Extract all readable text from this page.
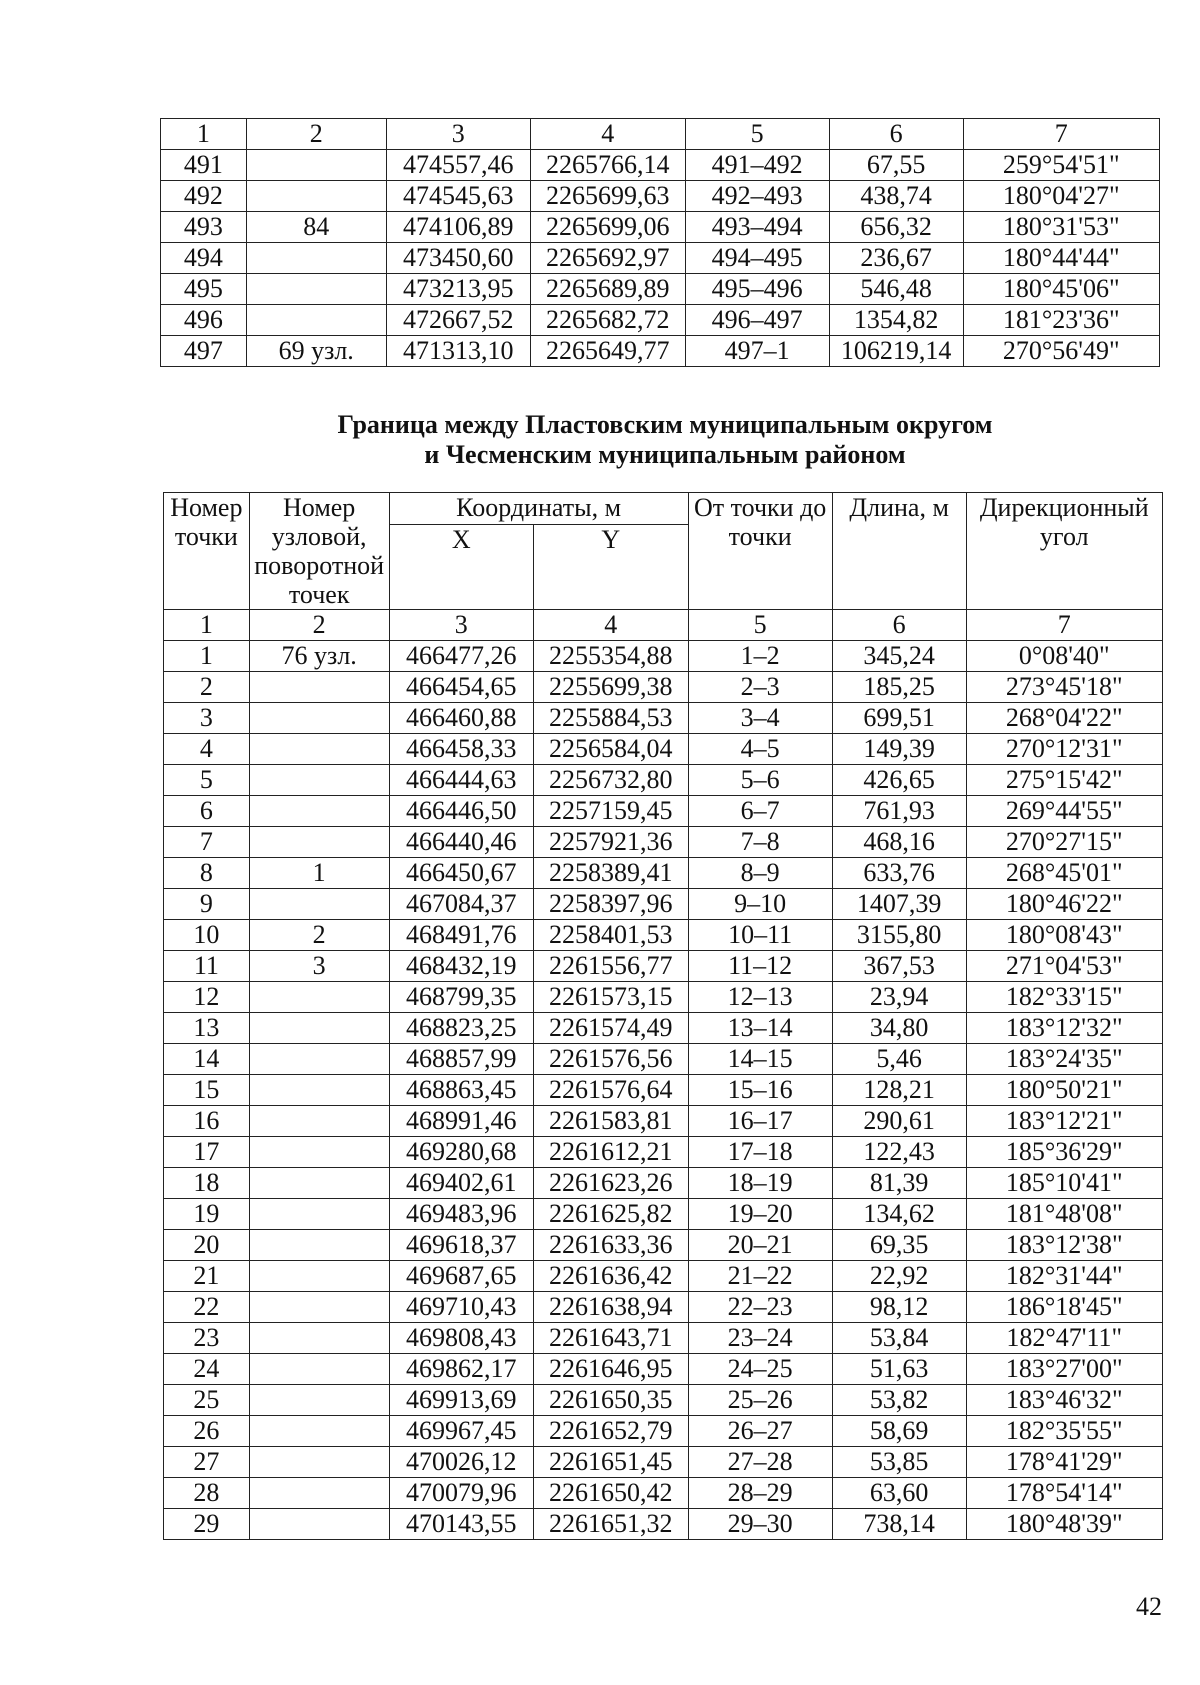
1	2	3	4	5	6	7
491		474557,46	2265766,14	491–492	67,55	259°54'51"
492		474545,63	2265699,63	492–493	438,74	180°04'27"
493	84	474106,89	2265699,06	493–494	656,32	180°31'53"
494		473450,60	2265692,97	494–495	236,67	180°44'44"
495		473213,95	2265689,89	495–496	546,48	180°45'06"
496		472667,52	2265682,72	496–497	1354,82	181°23'36"
497	69 узл.	471313,10	2265649,77	497–1	106219,14	270°56'49"
Граница между Пластовским муниципальным округом
и Чесменским муниципальным районом
Номер точки	Номер узловой, поворотной точек	Координаты, м		От точки до точки	Длина, м	Дирекционный угол
		X	Y			
1	2	3	4	5	6	7
1	76 узл.	466477,26	2255354,88	1–2	345,24	0°08'40"
2		466454,65	2255699,38	2–3	185,25	273°45'18"
3		466460,88	2255884,53	3–4	699,51	268°04'22"
4		466458,33	2256584,04	4–5	149,39	270°12'31"
5		466444,63	2256732,80	5–6	426,65	275°15'42"
6		466446,50	2257159,45	6–7	761,93	269°44'55"
7		466440,46	2257921,36	7–8	468,16	270°27'15"
8	1	466450,67	2258389,41	8–9	633,76	268°45'01"
9		467084,37	2258397,96	9–10	1407,39	180°46'22"
10	2	468491,76	2258401,53	10–11	3155,80	180°08'43"
11	3	468432,19	2261556,77	11–12	367,53	271°04'53"
12		468799,35	2261573,15	12–13	23,94	182°33'15"
13		468823,25	2261574,49	13–14	34,80	183°12'32"
14		468857,99	2261576,56	14–15	5,46	183°24'35"
15		468863,45	2261576,64	15–16	128,21	180°50'21"
16		468991,46	2261583,81	16–17	290,61	183°12'21"
17		469280,68	2261612,21	17–18	122,43	185°36'29"
18		469402,61	2261623,26	18–19	81,39	185°10'41"
19		469483,96	2261625,82	19–20	134,62	181°48'08"
20		469618,37	2261633,36	20–21	69,35	183°12'38"
21		469687,65	2261636,42	21–22	22,92	182°31'44"
22		469710,43	2261638,94	22–23	98,12	186°18'45"
23		469808,43	2261643,71	23–24	53,84	182°47'11"
24		469862,17	2261646,95	24–25	51,63	183°27'00"
25		469913,69	2261650,35	25–26	53,82	183°46'32"
26		469967,45	2261652,79	26–27	58,69	182°35'55"
27		470026,12	2261651,45	27–28	53,85	178°41'29"
28		470079,96	2261650,42	28–29	63,60	178°54'14"
29		470143,55	2261651,32	29–30	738,14	180°48'39"
42
